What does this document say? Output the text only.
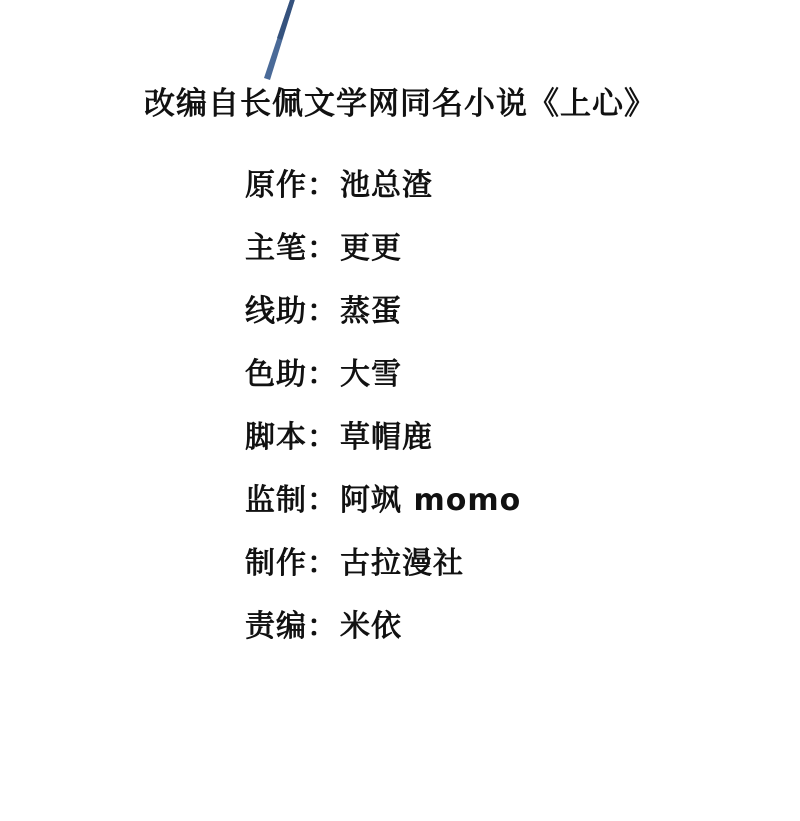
改编自长佩文学网同名小说《上心》
原作 ： 池总渣
主笔 ： 更更
线助 ： 蒸蛋
色助 ： 大雪
脚本 ： 草帽鹿
监制 ： 阿飒 momo
制作 ： 古拉漫社
责编 ： 米依
